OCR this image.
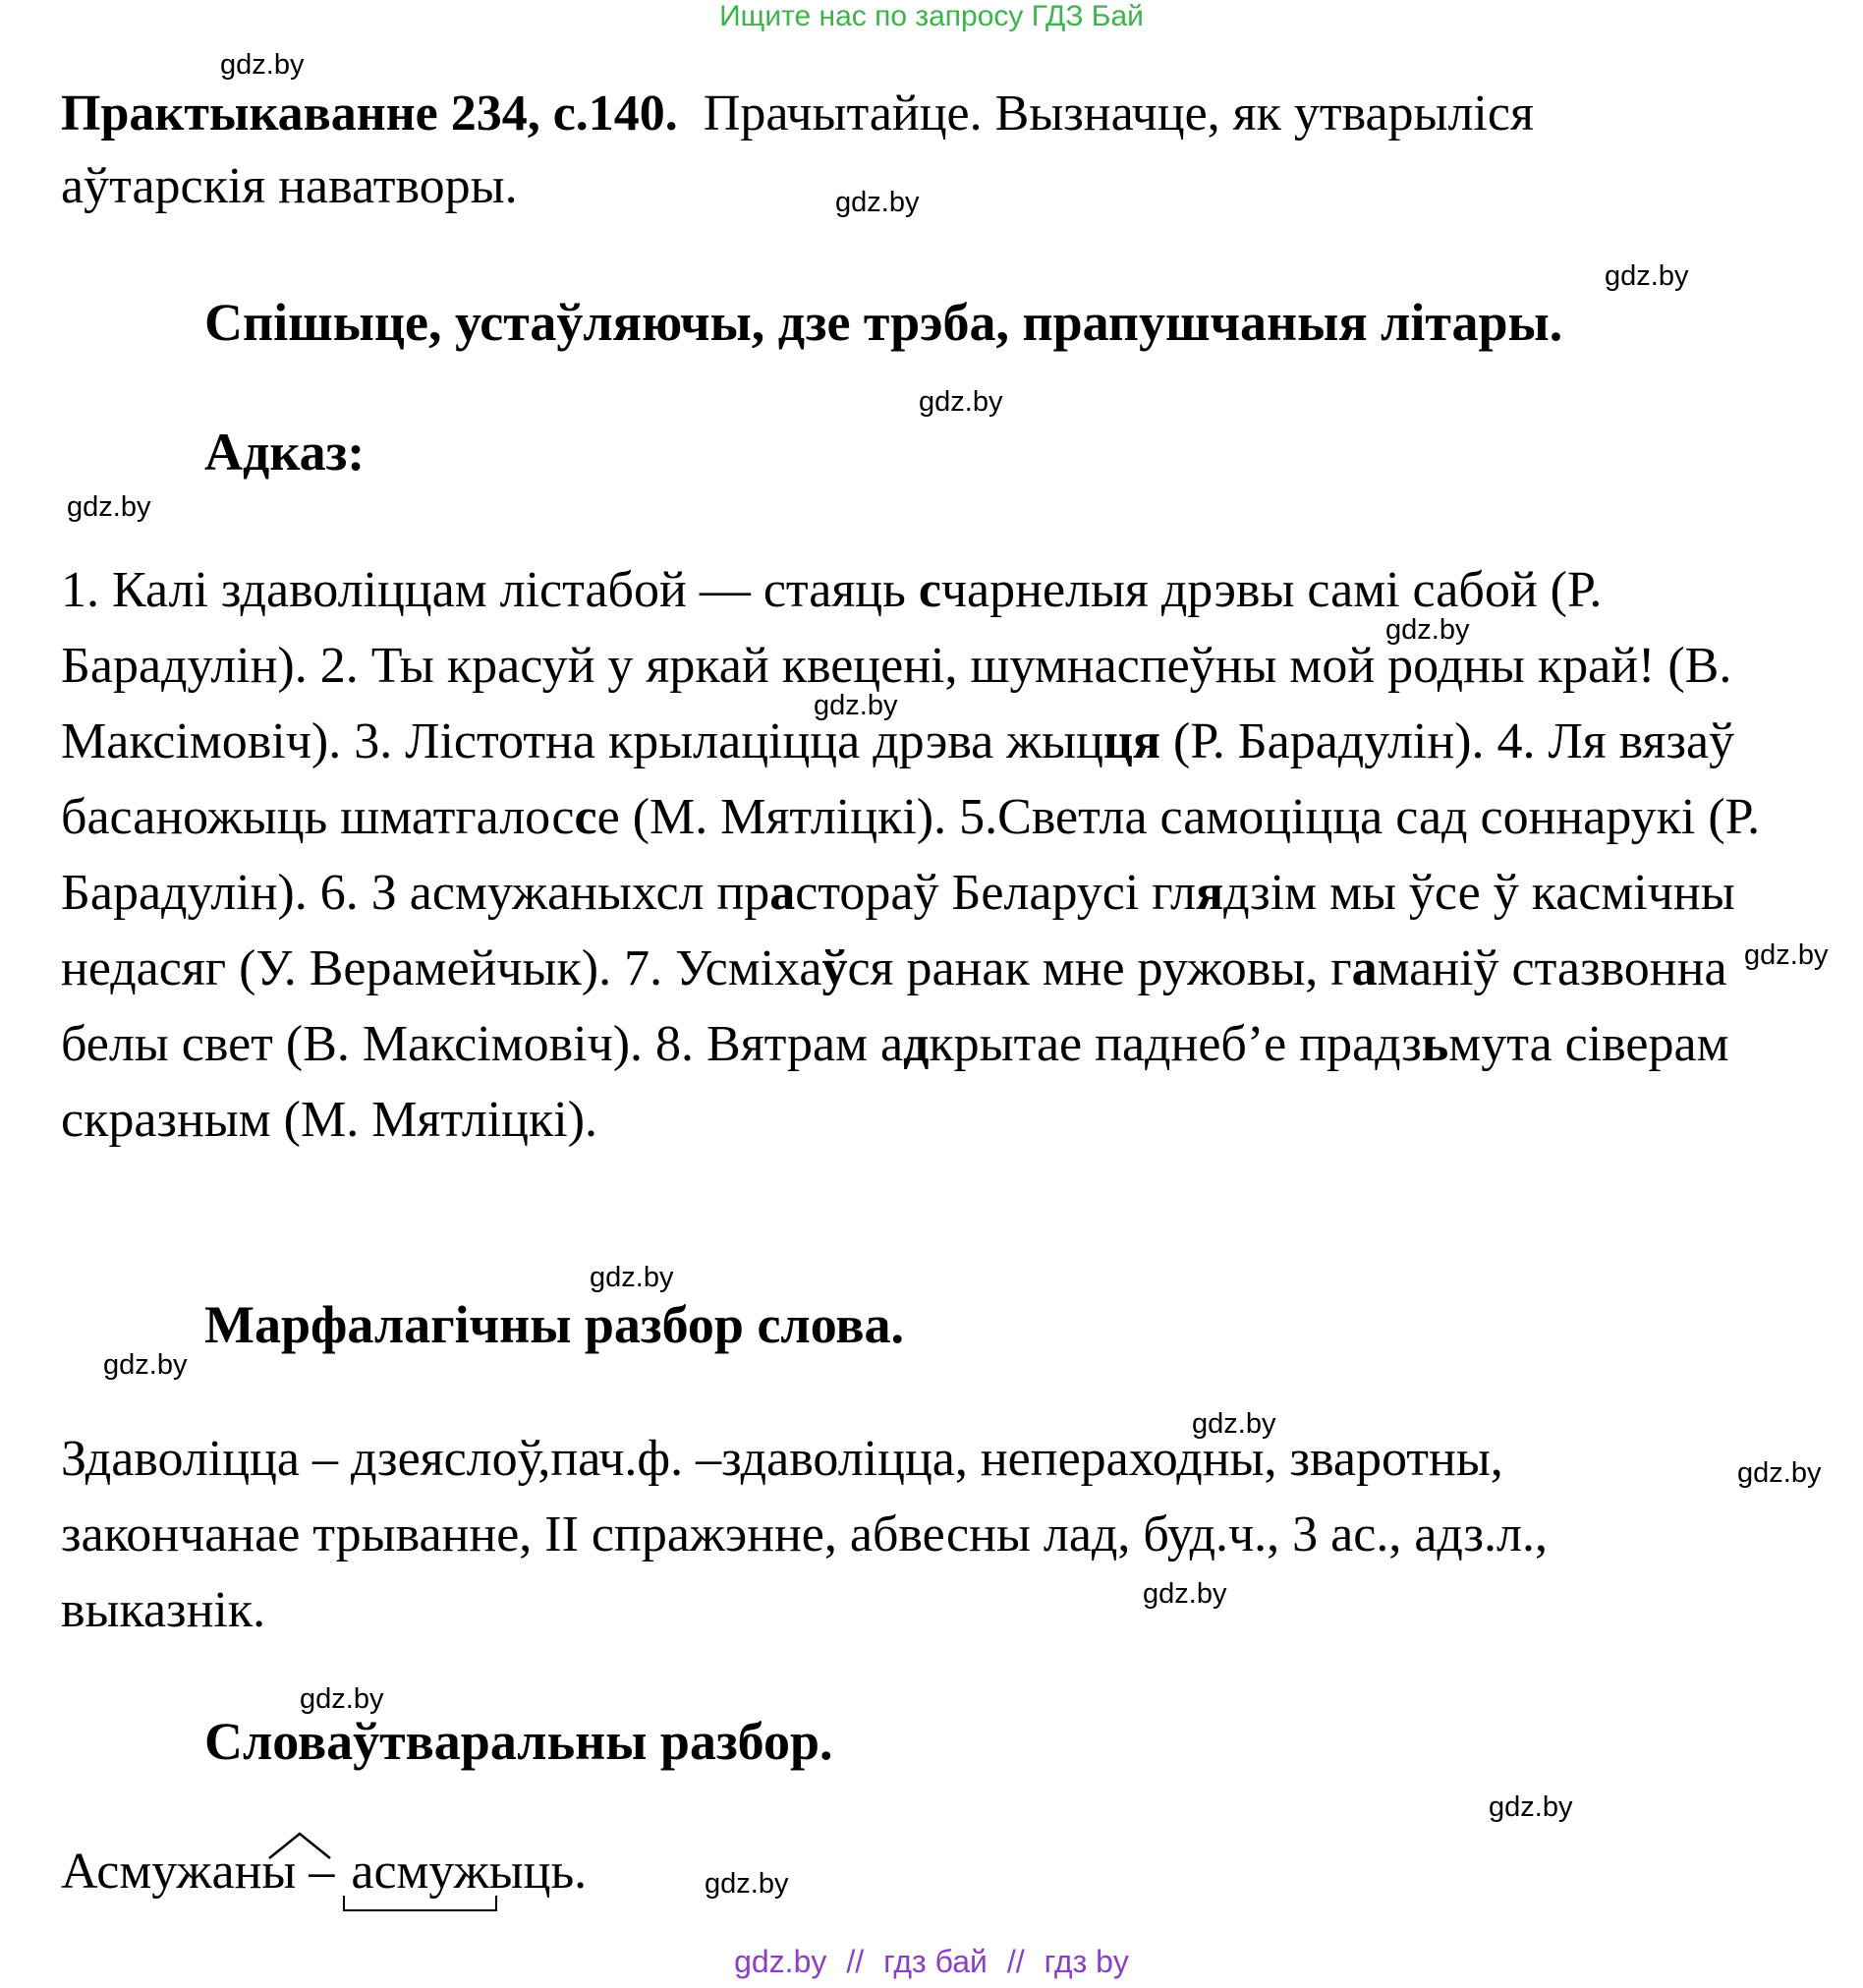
Ищите нас по запросу ГДЗ Бай
gdz.by
gdz.by
gdz.by
gdz.by
gdz.by
gdz.by
gdz.by
gdz.by
gdz.by
gdz.by
gdz.by
gdz.by
gdz.by
gdz.by
gdz.by
gdz.by
Практыкаванне 234, с.140. Прачытайце. Вызначце, як утварыліся
аўтарскія наватворы.
Спішыце, устаўляючы, дзе трэба, прапушчаныя літары.
Адказ:
1. Калі здаволіццам лістабой — стаяць счарнелыя дрэвы самі сабой (Р. Барадулін). 2. Ты красуй у яркай квецeні, шумнаспеўны мой родны край! (В. Максімовіч). 3. Лістотна крылаціцца дрэва жыцця (Р. Барадулін). 4. Ля вязаў басаножыць шматгалоссе (М. Мятліцкі). 5.Светла самоціцца сад соннарукі (Р. Барадулін). 6. З асмужаныхсл прастораў Беларусі глядзім мы ўсе ў касмічны недасяг (У. Верамейчык). 7. Усміхаўся ранак мне ружовы, гаманіў стазвонна белы свет (В. Максімовіч). 8. Вятрам адкрытае паднеб’е прадзьмута сіверам скразным (М. Мятліцкі).
Марфалагічны разбор слова.
Здаволіцца – дзеяслоў,пач.ф. –здаволіцца, непераходны, зваротны, закончанае трыванне, II спражэнне, абвесны лад, буд.ч., 3 ас., адз.л., выказнік.
Словаўтваральны разбор.
Асмужаны – асмужыць.
gdz.by // гдз бай // гдз by
